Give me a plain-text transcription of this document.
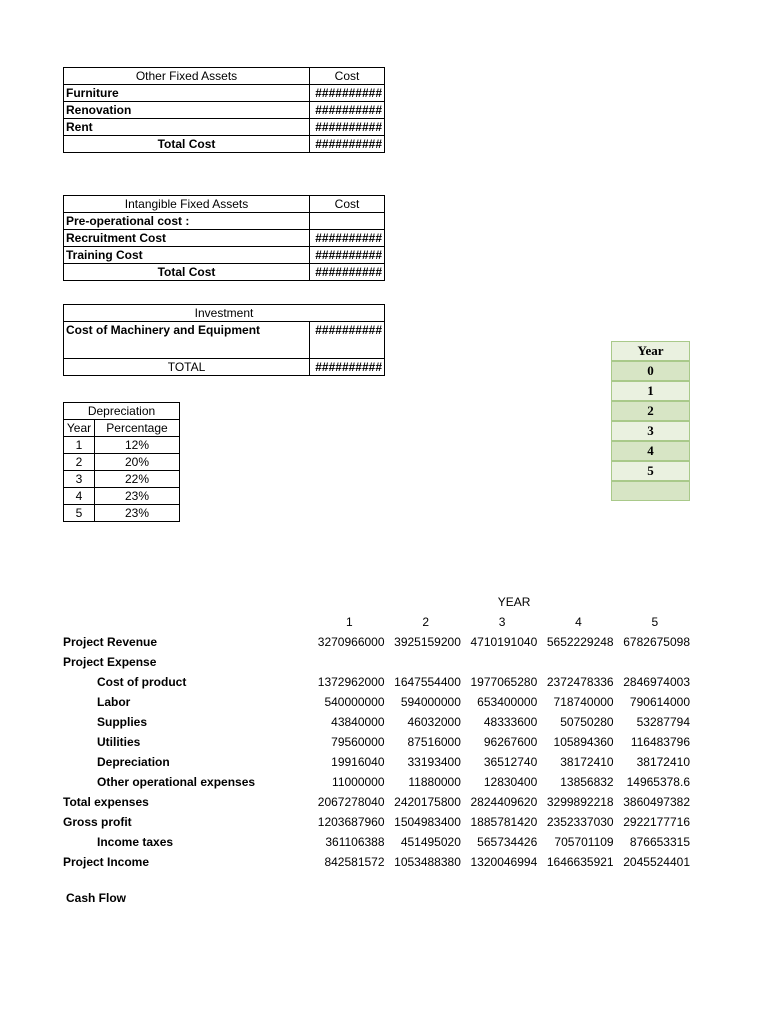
Other Fixed Assets	Cost
Furniture	##########
Renovation	##########
Rent	##########
Total Cost	##########
Intangible Fixed Assets	Cost
Pre-operational cost :	
Recruitment Cost	##########
Training Cost	##########
Total Cost	##########
Investment	
Cost of Machinery and Equipment	##########
TOTAL	##########
Depreciation	
Year	Percentage
1	12%
2	20%
3	22%
4	23%
5	23%
Year
0
1
2
3
4
5

	YEAR				
	1	2	3	4	5
Project Revenue	3270966000	3925159200	4710191040	5652229248	6782675098
Project Expense					
Cost of product	1372962000	1647554400	1977065280	2372478336	2846974003
Labor	540000000	594000000	653400000	718740000	790614000
Supplies	43840000	46032000	48333600	50750280	53287794
Utilities	79560000	87516000	96267600	105894360	116483796
Depreciation	19916040	33193400	36512740	38172410	38172410
Other operational expenses	11000000	11880000	12830400	13856832	14965378.6
Total expenses	2067278040	2420175800	2824409620	3299892218	3860497382
Gross profit	1203687960	1504983400	1885781420	2352337030	2922177716
Income taxes	361106388	451495020	565734426	705701109	876653315
Project Income	842581572	1053488380	1320046994	1646635921	2045524401
Cash Flow
